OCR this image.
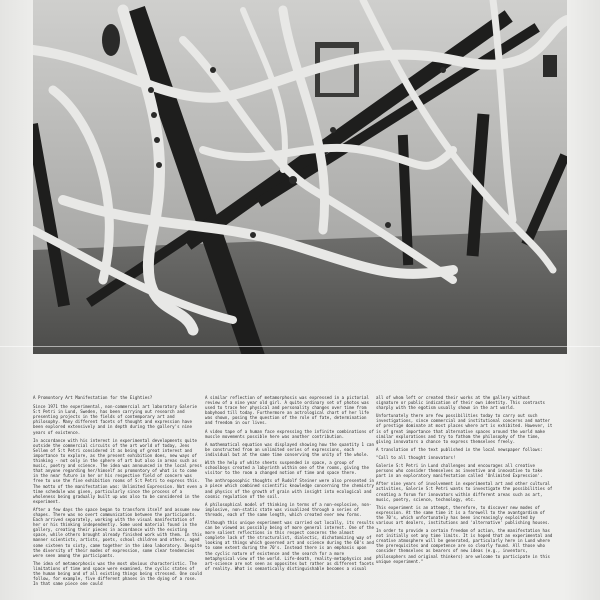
A Promontory Art Manifestation for the Eighties?

Since 1971 the experimental, non-commercial art laboratory Galerie S:t Petri in Lund, Sweden, has been carrying out research and presenting projects in the fields of contemporary art and philosophy. Many different facets of thought and expression have been explored extensively and in depth during the gallery's nine years of existence.

In accordance with his interest in experimental developments quite outside the commercial circuits of the art world of today, Jens Sellem of S:t Petri considered it as being of great interest and importance to explore, as the present exhibition does, new ways of thinking - not only in the sphere of art but also in areas such as music, poetry and science. The idea was announced in the local press that anyone regarding her/himself as promontory of what is to come in the near future in her or his respective field of concern was free to use the five exhibition rooms of S:t Petri to express this. The motto of the manifestation was: Unlimited Expression. Not even a time schedule was given, particularly since the process of a wholeness being gradually built up was also to be considered in the experiment.

After a few days the space began to transform itself and assume new shapes. There was no overt communication between the participants. Each arrived separately, working with the visual manifestation of her or his thinking independently. Some used material found in the gallery, creating their pieces in accordance with the existing space, while others brought already finished work with them. In this manner scientists, artists, poets, school children and others, aged some sixteen to sixty, came together in the idea laboratory. Despite the diversity of their modes of expression, some clear tendencies were seen among the participants.

The idea of metamorphosis was the most obvious characteristic. The limitations of time and space were examined, the cyclic states of the human being and of all existing things being stressed. One could follow, for example, five different phases in the dying of a rose. In that same piece one could

A similar reflection of metamorphosis was expressed in a pictorial review of a nine year old girl. A quite ordinary set of photos was used to trace her physical and personality changes over time from babyhood till today. Furthermore an astrological chart of her life was shown, posing the question of the role of fate, determination and freedom in our lives.

A video tape of a human face expressing the infinite combinations of muscle movements possible here was another contribution.

A mathematical equation was displayed showing how the quantity 1 can be constructed from an unlimited series of expressions, each individual but at the same time conserving the unity of the whole.

With the help of white sheets suspended in space, a group of schoolboys created a labyrinth within one of the rooms, giving the visitor to the room a changed notion of time and space there.

The anthroposophic thoughts of Rudolf Steiner were also presented in a piece which combined scientific knowledge concerning the chemistry and physics of the growth of grain with insight into ecological and cosmic regulation of the soil.

A philosophical model of thinking in terms of a non-explosive, non-implosive, non-static state was visualized through a series of threads, each of the same length, which created ever new forms.

Although this unique experiment was carried out locally, its results can be viewed as possibly being of more general interest. One of the more salient reflections in this respect concerns the almost complete lack of the structuralist, dialectic, dichotomizing way of looking at things which governed art and science during the 60's and to some extent during the 70's. Instead there is an emphasis upon the cyclic nature of existence and the search for a more metaphysical view of the world. Life-death, reality-metaphysics and art-science are not seen as opposites but rather as different facets of reality. What is semantically distinguishable becomes a visual

all of whom left or created their works at the gallery without signature or public indication of their own identity. This contrasts sharply with the egotism usually shown in the art world.

Unfortunately there are few possibilities today to carry out such investigations, since commercial and institutional concerns and matter of prestige dominate at most places where art is exhibited. However, it is of great importance that alternative spaces around the world make similar explorations and try to fathom the philosophy of the time, giving innovators a chance to express themselves freely.

A translation of the text published in the local newspaper follows:

"Call to all thought innovators!

Galerie S:t Petri in Lund challenges and encourages all creative persons who consider themselves as inventive and innovative to take part in an exploratory manifestation called 'Unlimited Expression'.

After nine years of involvement in experimental art and other cultural activities, Galerie S:t Petri wants to investigate the possibilities of creating a forum for innovators within different areas such as art, music, poetry, science, technology, etc.

This experiment is an attempt, therefore, to discover new modes of expression. At the same time it is a farewell to the avantgardism of the 70's, which unfortunately has been increasingly exploited by various art dealers, institutions and 'alternative' publishing houses.

In order to provide a certain freedom of action, the manifestation has not initially set any time limits. It is hoped that an experimental and creative atmosphere will be generated, particularly here in Lund where the prerequisites and competence are so clearly found. All those who consider themselves as bearers of new ideas (e.g., inventors, philosophers and original thinkers) are welcome to participate in this unique experiment."
